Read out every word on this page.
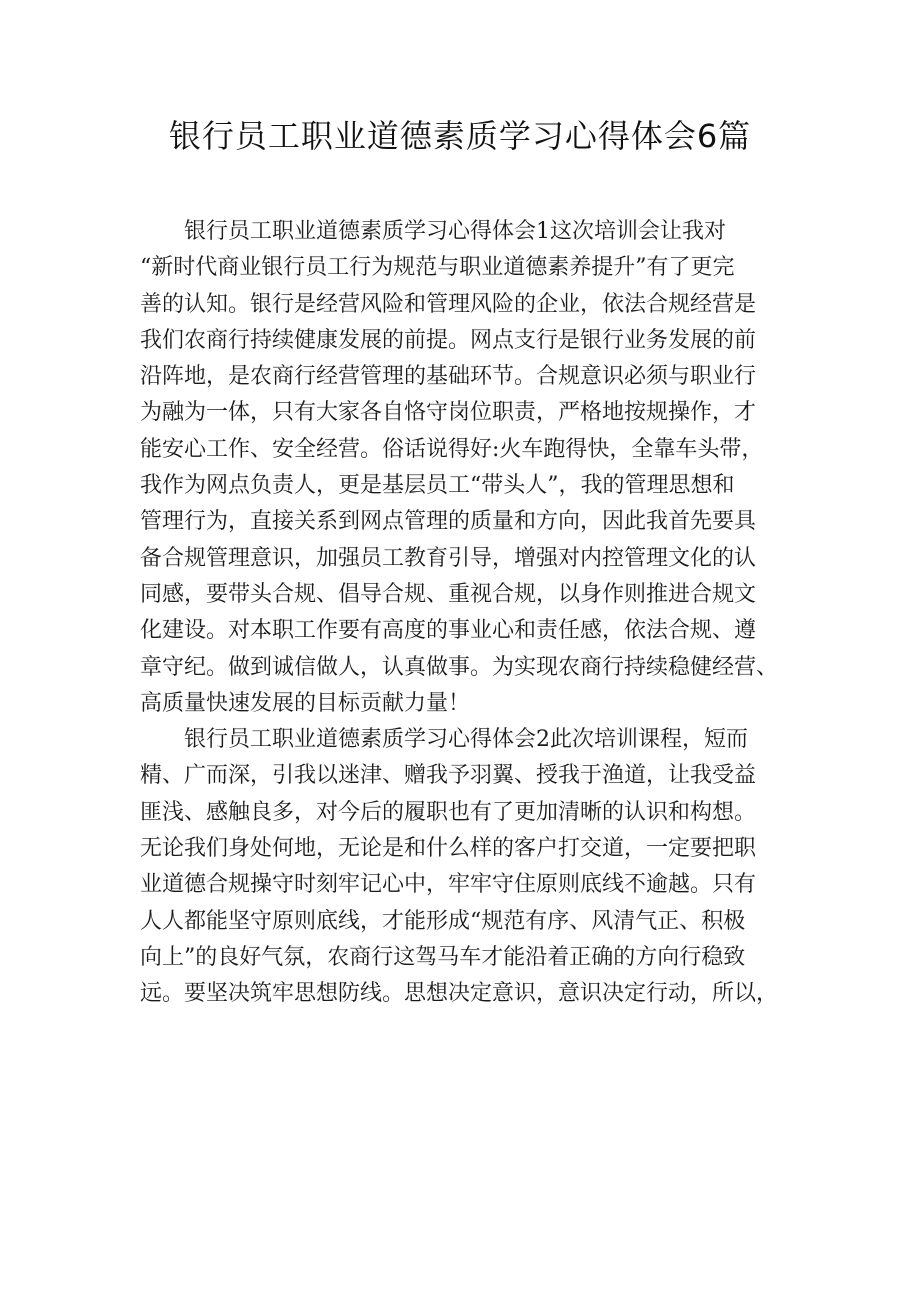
银行员工职业道德素质学习心得体会6篇
银行员工职业道德素质学习心得体会1这次培训会让我对
“新时代商业银行员工行为规范与职业道德素养提升”有了更完
善的认知。银行是经营风险和管理风险的企业，依法合规经营是
我们农商行持续健康发展的前提。网点支行是银行业务发展的前
沿阵地，是农商行经营管理的基础环节。合规意识必须与职业行
为融为一体，只有大家各自恪守岗位职责，严格地按规操作，才
能安心工作、安全经营。俗话说得好:火车跑得快，全靠车头带，
我作为网点负责人，更是基层员工“带头人”，我的管理思想和
管理行为，直接关系到网点管理的质量和方向，因此我首先要具
备合规管理意识，加强员工教育引导，增强对内控管理文化的认
同感，要带头合规、倡导合规、重视合规，以身作则推进合规文
化建设。对本职工作要有高度的事业心和责任感，依法合规、遵
章守纪。做到诚信做人，认真做事。为实现农商行持续稳健经营、
高质量快速发展的目标贡献力量！
银行员工职业道德素质学习心得体会2此次培训课程，短而
精、广而深，引我以迷津、赠我予羽翼、授我于渔道，让我受益
匪浅、感触良多，对今后的履职也有了更加清晰的认识和构想。
无论我们身处何地，无论是和什么样的客户打交道，一定要把职
业道德合规操守时刻牢记心中，牢牢守住原则底线不逾越。只有
人人都能坚守原则底线，才能形成“规范有序、风清气正、积极
向上”的良好气氛，农商行这驾马车才能沿着正确的方向行稳致
远。要坚决筑牢思想防线。思想决定意识，意识决定行动，所以，
